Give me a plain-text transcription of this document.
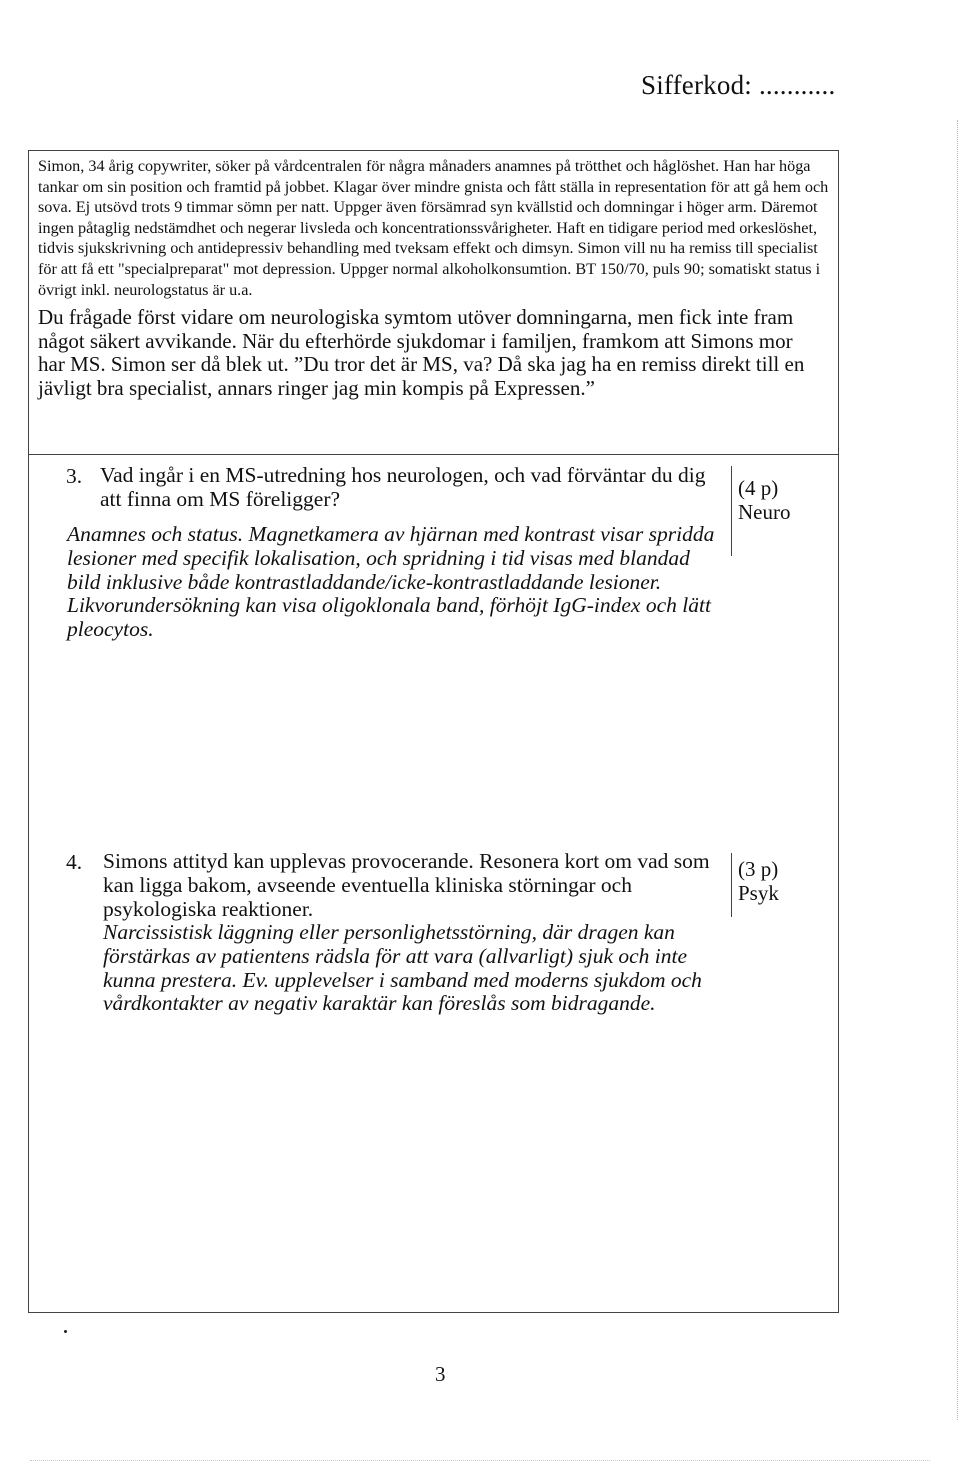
Sifferkod: ...........
Simon, 34 årig copywriter, söker på vårdcentralen för några månaders anamnes på trötthet och håglöshet. Han har höga tankar om sin position och framtid på jobbet. Klagar över mindre gnista och fått ställa in representation för att gå hem och sova. Ej utsövd trots 9 timmar sömn per natt. Uppger även försämrad syn kvällstid och domningar i höger arm. Däremot ingen påtaglig nedstämdhet och negerar livsleda och koncentrationssvårigheter. Haft en tidigare period med orkeslöshet, tidvis sjukskrivning och antidepressiv behandling med tveksam effekt och dimsyn. Simon vill nu ha remiss till specialist för att få ett "specialpreparat" mot depression. Uppger normal alkoholkonsumtion. BT 150/70, puls 90; somatiskt status i övrigt inkl. neurologstatus är u.a.
Du frågade först vidare om neurologiska symtom utöver domningarna, men fick inte fram något säkert avvikande. När du efterhörde sjukdomar i familjen, framkom att Simons mor har MS. Simon ser då blek ut. ”Du tror det är MS, va? Då ska jag ha en remiss direkt till en jävligt bra specialist, annars ringer jag min kompis på Expressen.”
3. Vad ingår i en MS-utredning hos neurologen, och vad förväntar du dig att finna om MS föreligger?	(4 p)
Neuro
Anamnes och status. Magnetkamera av hjärnan med kontrast visar spridda lesioner med specifik lokalisation, och spridning i tid visas med blandad bild inklusive både kontrastladdande/icke-kontrastladdande lesioner. Likvorundersökning kan visa oligoklonala band, förhöjt IgG-index och lätt pleocytos.
4. Simons attityd kan upplevas provocerande. Resonera kort om vad som kan ligga bakom, avseende eventuella kliniska störningar och psykologiska reaktioner.
(3 p)
Psyk
Narcissistisk läggning eller personlighetsstörning, där dragen kan förstärkas av patientens rädsla för att vara (allvarligt) sjuk och inte kunna prestera. Ev. upplevelser i samband med moderns sjukdom och vårdkontakter av negativ karaktär kan föreslås som bidragande.
3
